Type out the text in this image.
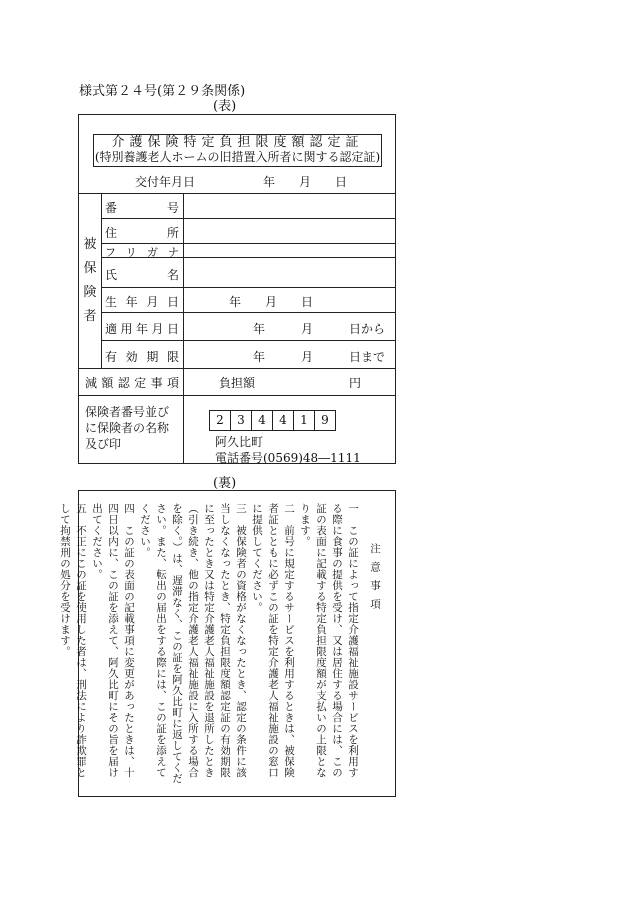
様式第２４号(第２９条関係)
(表)
介護保険特定負担限度額認定証
(特別養護老人ホームの旧措置入所者に関する認定証)
交付年月日	年　　月　　日
被
保
険
者
番　号
住　所
フリガナ
氏　名
生年月日	年　　月　　日
適用年月日	年　　　月　　　日から
有効期限	年　　　月　　　日まで
減額認定事項	負担額	円
保険者番号並びに保険者の名称及び印
2	3	4	4	1	9
阿久比町
電話番号(0569)48―1111
(裏)

注意事項

一　この証によって指定介護福祉施設サービスを利用する際に食事の提供を受け、又は居住する場合には、この証の表面に記載する特定負担限度額が支払いの上限となります。

二　前号に規定するサービスを利用するときは、被保険者証とともに必ずこの証を特定介護老人福祉施設の窓口に提供してください。

三　被保険者の資格がなくなったとき、認定の条件に該当しなくなったとき、特定負担限度額認定証の有効期限に至ったとき又は特定介護老人福祉施設を退所したとき（引き続き、他の指定介護老人福祉施設に入所する場合を除く。）は、遅滞なく、この証を阿久比町に返してください。また、転出の届出をする際には、この証を添えてください。

四　この証の表面の記載事項に変更があったときは、十四日以内に、この証を添えて、阿久比町にその旨を届け出てください。

五　不正にこの証を使用した者は、刑法により詐欺罪として拘禁刑の処分を受けます。
